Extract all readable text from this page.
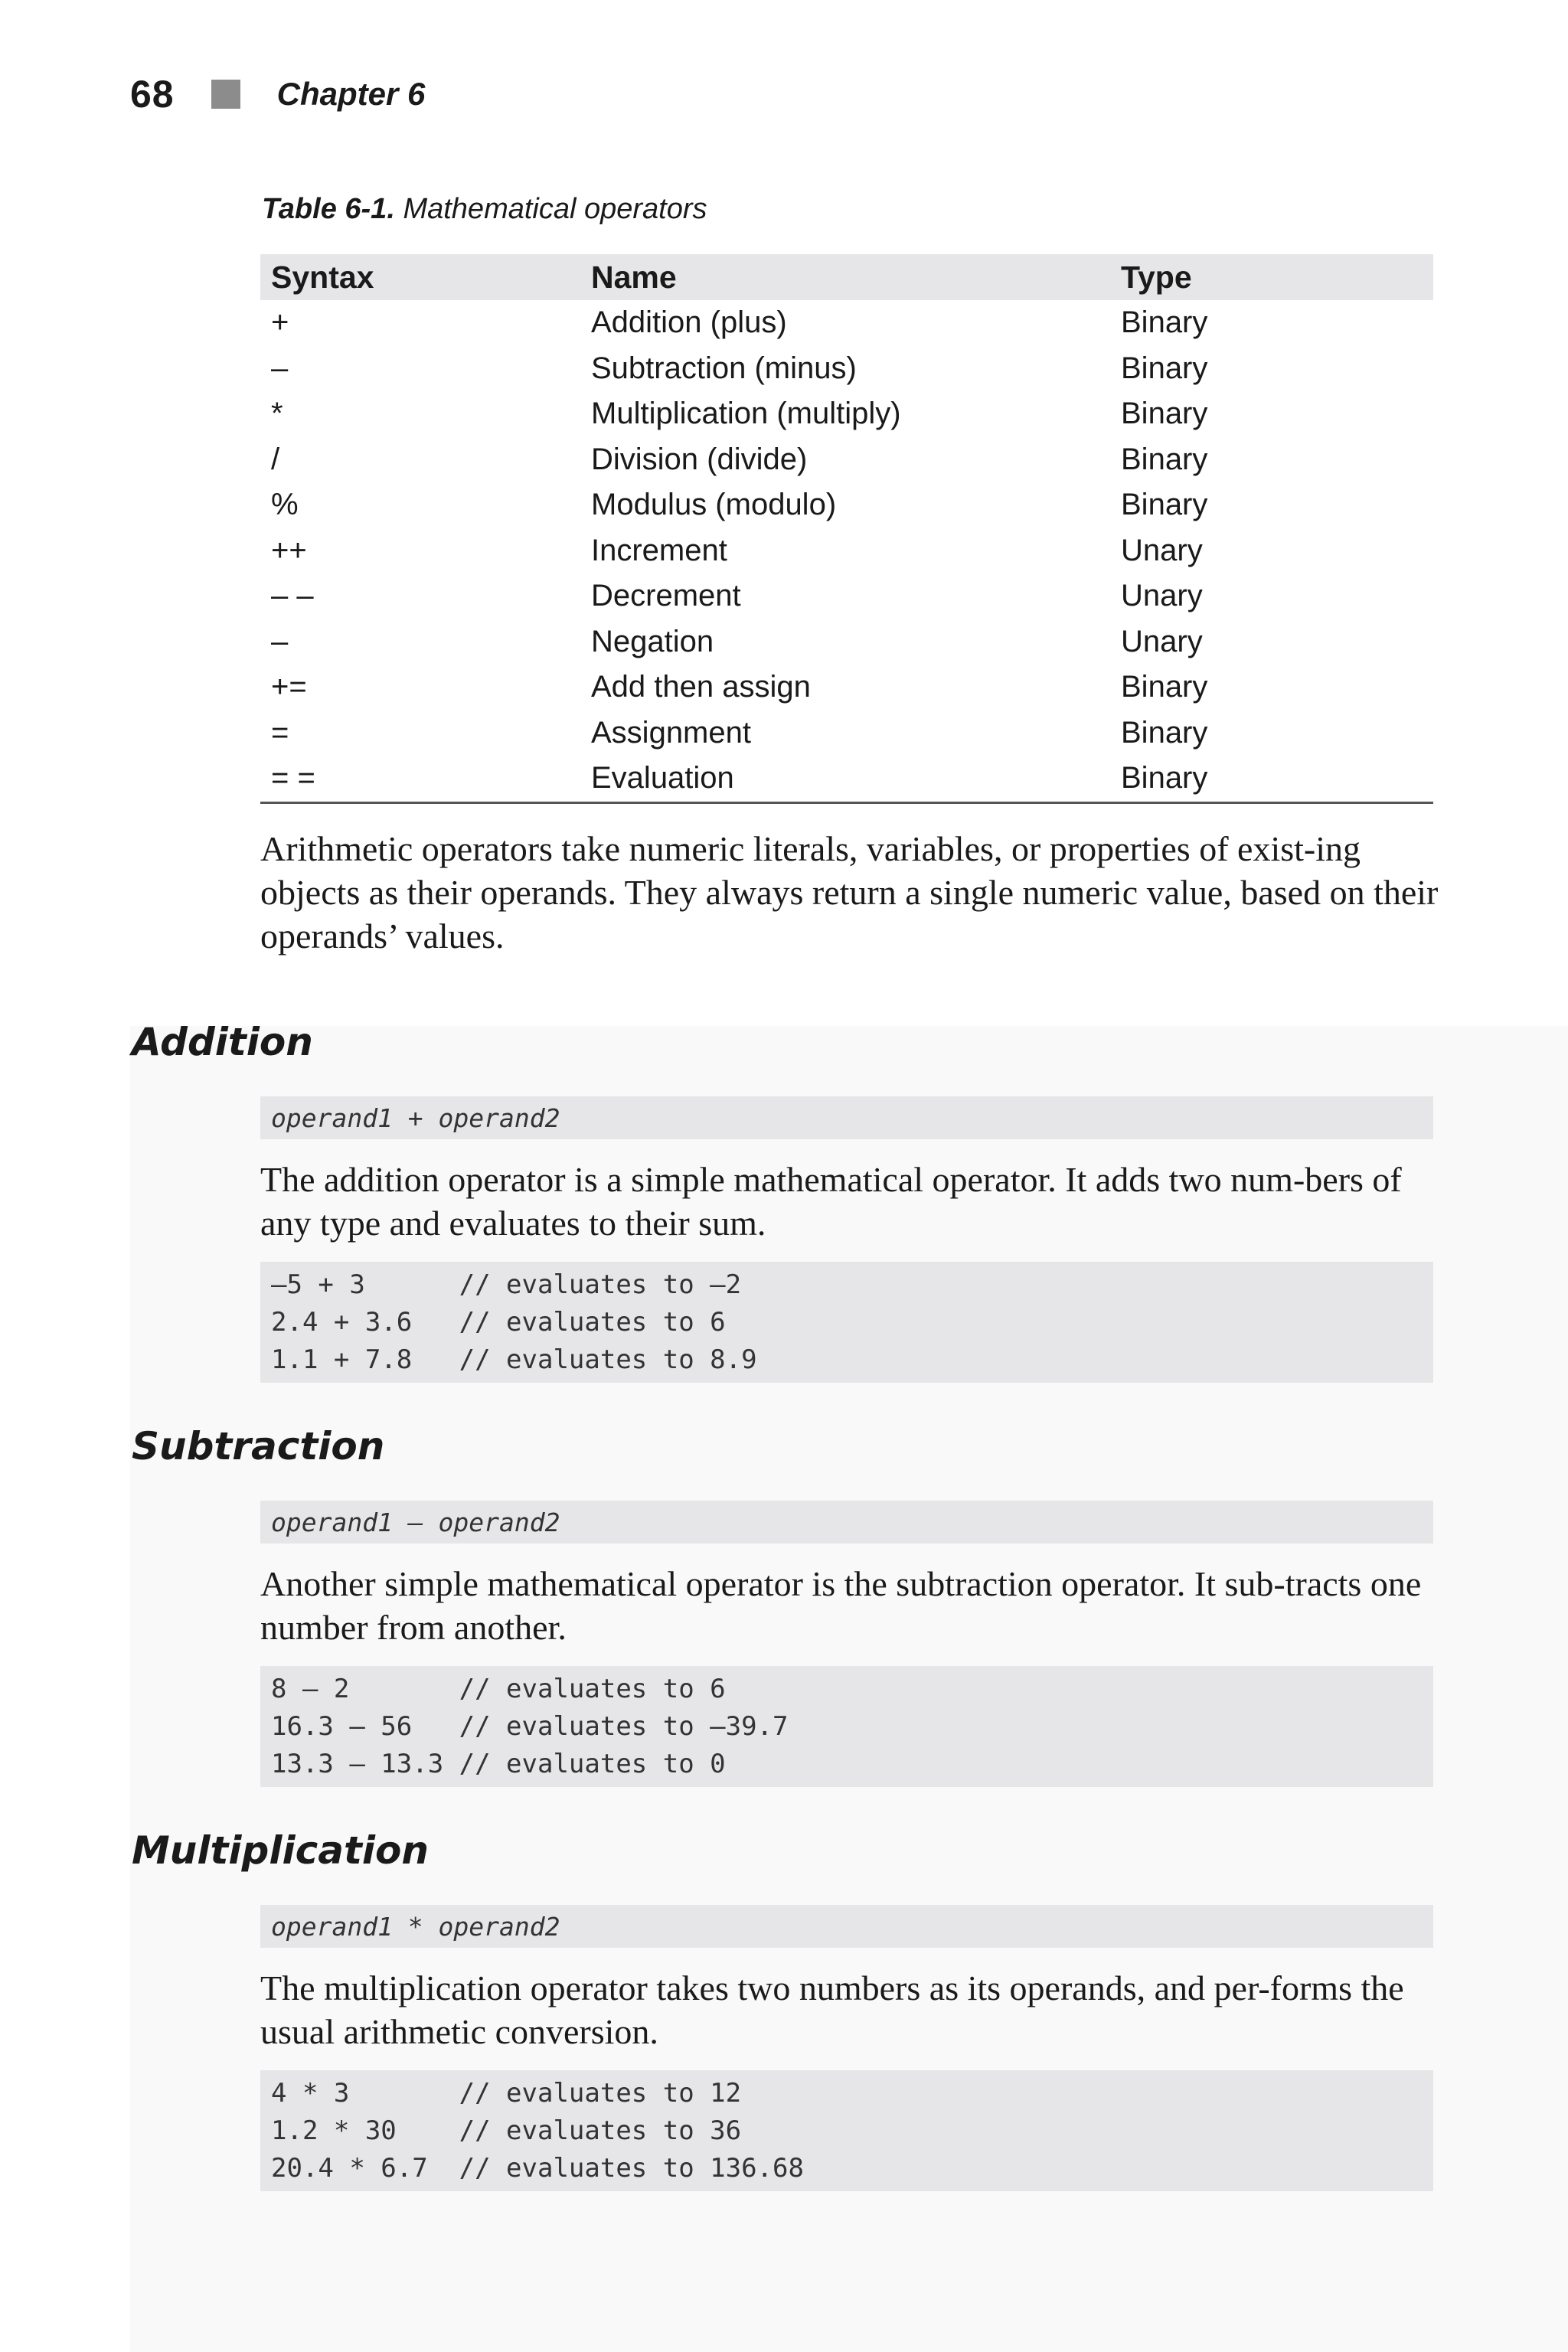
68	Chapter 6
Table 6-1. Mathematical operators
Syntax	Name	Type
+	Addition (plus)	Binary
–	Subtraction (minus)	Binary
*	Multiplication (multiply)	Binary
/	Division (divide)	Binary
%	Modulus (modulo)	Binary
++	Increment	Unary
– –	Decrement	Unary
–	Negation	Unary
+=	Add then assign	Binary
=	Assignment	Binary
= =	Evaluation	Binary

Arithmetic operators take numeric literals, variables, or properties of exist-ing objects as their operands. They always return a single numeric value, based on their operands’ values.

Addition
operand1 + operand2

The addition operator is a simple mathematical operator. It adds two num-bers of any type and evaluates to their sum.

–5 + 3      // evaluates to –2
2.4 + 3.6   // evaluates to 6
1.1 + 7.8   // evaluates to 8.9
Subtraction
operand1 – operand2

Another simple mathematical operator is the subtraction operator. It sub-tracts one number from another.

8 – 2       // evaluates to 6
16.3 – 56   // evaluates to –39.7
13.3 – 13.3 // evaluates to 0
Multiplication
operand1 * operand2

The multiplication operator takes two numbers as its operands, and per-forms the usual arithmetic conversion.

4 * 3       // evaluates to 12
1.2 * 30    // evaluates to 36
20.4 * 6.7  // evaluates to 136.68
